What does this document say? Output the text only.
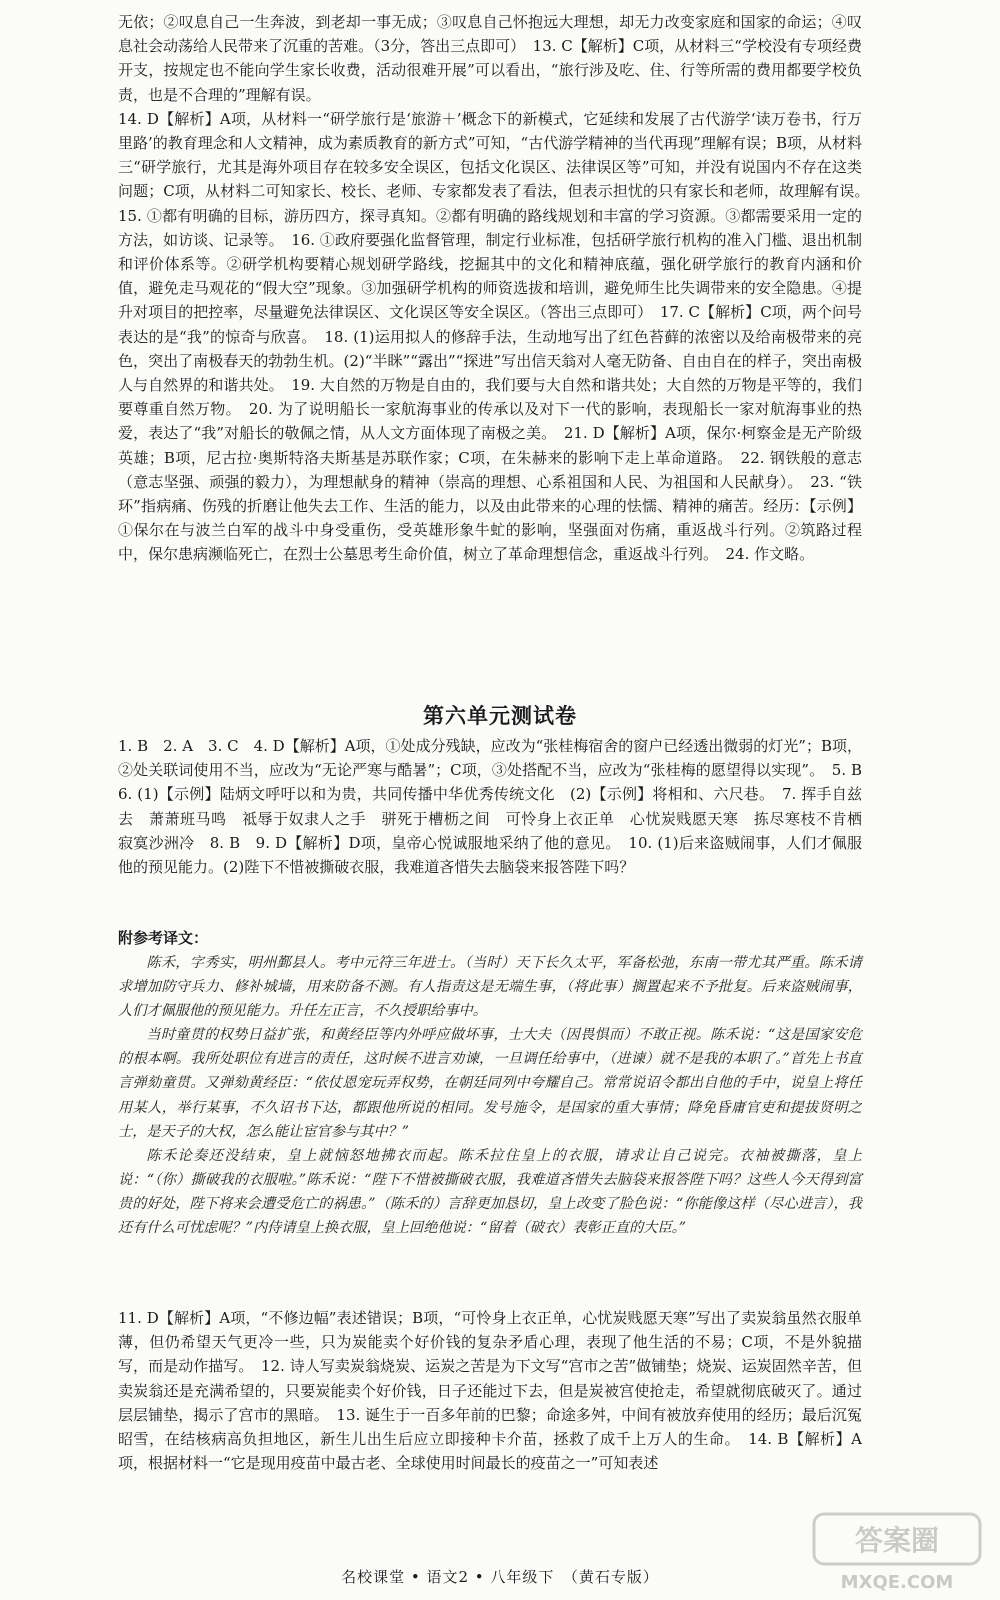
无依；②叹息自己一生奔波，到老却一事无成；③叹息自己怀抱远大理想，却无力改变家庭和国家的命运；④叹息社会动荡给人民带来了沉重的苦难。（3分，答出三点即可）　13. C【解析】C项，从材料三“学校没有专项经费开支，按规定也不能向学生家长收费，活动很难开展”可以看出，“旅行涉及吃、住、行等所需的费用都要学校负责，也是不合理的”理解有误。

14. D【解析】A项，从材料一“研学旅行是‘旅游＋’概念下的新模式，它延续和发展了古代游学‘读万卷书，行万里路’的教育理念和人文精神，成为素质教育的新方式”可知，“古代游学精神的当代再现”理解有误；B项，从材料三“研学旅行，尤其是海外项目存在较多安全误区，包括文化误区、法律误区等”可知，并没有说国内不存在这类问题；C项，从材料二可知家长、校长、老师、专家都发表了看法，但表示担忧的只有家长和老师，故理解有误。　15. ①都有明确的目标，游历四方，探寻真知。②都有明确的路线规划和丰富的学习资源。③都需要采用一定的方法，如访谈、记录等。　16. ①政府要强化监督管理，制定行业标准，包括研学旅行机构的准入门槛、退出机制和评价体系等。②研学机构要精心规划研学路线，挖掘其中的文化和精神底蕴，强化研学旅行的教育内涵和价值，避免走马观花的“假大空”现象。③加强研学机构的师资选拔和培训，避免师生比失调带来的安全隐患。④提升对项目的把控率，尽量避免法律误区、文化误区等安全误区。（答出三点即可）　17. C【解析】C项，两个问号表达的是“我”的惊奇与欣喜。　18. (1)运用拟人的修辞手法，生动地写出了红色苔藓的浓密以及给南极带来的亮色，突出了南极春天的勃勃生机。(2)“半眯”“露出”“探进”写出信天翁对人毫无防备、自由自在的样子，突出南极人与自然界的和谐共处。　19. 大自然的万物是自由的，我们要与大自然和谐共处；大自然的万物是平等的，我们要尊重自然万物。　20. 为了说明船长一家航海事业的传承以及对下一代的影响，表现船长一家对航海事业的热爱，表达了“我”对船长的敬佩之情，从人文方面体现了南极之美。　21. D【解析】A项，保尔·柯察金是无产阶级英雄；B项，尼古拉·奥斯特洛夫斯基是苏联作家；C项，在朱赫来的影响下走上革命道路。　22. 钢铁般的意志（意志坚强、顽强的毅力），为理想献身的精神（崇高的理想、心系祖国和人民、为祖国和人民献身）。　23. “铁环”指病痛、伤残的折磨让他失去工作、生活的能力，以及由此带来的心理的怯懦、精神的痛苦。经历：【示例】①保尔在与波兰白军的战斗中身受重伤，受英雄形象牛虻的影响，坚强面对伤痛，重返战斗行列。②筑路过程中，保尔患病濒临死亡，在烈士公墓思考生命价值，树立了革命理想信念，重返战斗行列。　24. 作文略。

第六单元测试卷

1. B　2. A　3. C　4. D【解析】A项，①处成分残缺，应改为“张桂梅宿舍的窗户已经透出微弱的灯光”；B项，②处关联词使用不当，应改为“无论严寒与酷暑”；C项，③处搭配不当，应改为“张桂梅的愿望得以实现”。　5. B　6. (1)【示例】陆炳文呼吁以和为贵，共同传播中华优秀传统文化　(2)【示例】将相和、六尺巷。　7. 挥手自兹去　萧萧班马鸣　祗辱于奴隶人之手　骈死于槽枥之间　可怜身上衣正单　心忧炭贱愿天寒　拣尽寒枝不肯栖　寂寞沙洲冷　8. B　9. D【解析】D项，皇帝心悦诚服地采纳了他的意见。　10. (1)后来盗贼闹事，人们才佩服他的预见能力。(2)陛下不惜被撕破衣服，我难道吝惜失去脑袋来报答陛下吗？

附参考译文：

陈禾，字秀实，明州鄞县人。考中元符三年进士。（当时）天下长久太平，军备松弛，东南一带尤其严重。陈禾请求增加防守兵力、修补城墙，用来防备不测。有人指责这是无端生事，（将此事）搁置起来不予批复。后来盗贼闹事，人们才佩服他的预见能力。升任左正言，不久授职给事中。

当时童贯的权势日益扩张，和黄经臣等内外呼应做坏事，士大夫（因畏惧而）不敢正视。陈禾说：“这是国家安危的根本啊。我所处职位有进言的责任，这时候不进言劝谏，一旦调任给事中，（进谏）就不是我的本职了。”首先上书直言弹劾童贯。又弹劾黄经臣：“依仗恩宠玩弄权势，在朝廷同列中夸耀自己。常常说诏令都出自他的手中，说皇上将任用某人，举行某事，不久诏书下达，都跟他所说的相同。发号施令，是国家的重大事情；降免昏庸官吏和提拔贤明之士，是天子的大权，怎么能让宦官参与其中？”

陈禾论奏还没结束，皇上就恼怒地拂衣而起。陈禾拉住皇上的衣服，请求让自己说完。衣袖被撕落，皇上说：“（你）撕破我的衣服啦。”陈禾说：“陛下不惜被撕破衣服，我难道吝惜失去脑袋来报答陛下吗？这些人今天得到富贵的好处，陛下将来会遭受危亡的祸患。”（陈禾的）言辞更加恳切，皇上改变了脸色说：“你能像这样（尽心进言），我还有什么可忧虑呢？”内侍请皇上换衣服，皇上回绝他说：“留着（破衣）表彰正直的大臣。”

11. D【解析】A项，“不修边幅”表述错误；B项，“可怜身上衣正单，心忧炭贱愿天寒”写出了卖炭翁虽然衣服单薄，但仍希望天气更冷一些，只为炭能卖个好价钱的复杂矛盾心理，表现了他生活的不易；C项，不是外貌描写，而是动作描写。　12. 诗人写卖炭翁烧炭、运炭之苦是为下文写“宫市之苦”做铺垫；烧炭、运炭固然辛苦，但卖炭翁还是充满希望的，只要炭能卖个好价钱，日子还能过下去，但是炭被宫使抢走，希望就彻底破灭了。通过层层铺垫，揭示了宫市的黑暗。　13. 诞生于一百多年前的巴黎；命途多舛，中间有被放弃使用的经历；最后沉冤昭雪，在结核病高负担地区，新生儿出生后应立即接种卡介苗，拯救了成千上万人的生命。　14. B【解析】A项，根据材料一“它是现用疫苗中最古老、全球使用时间最长的疫苗之一”可知表述

名校课堂 • 语文2 • 八年级下　（黄石专版）
答案圈
MXQE.COM
